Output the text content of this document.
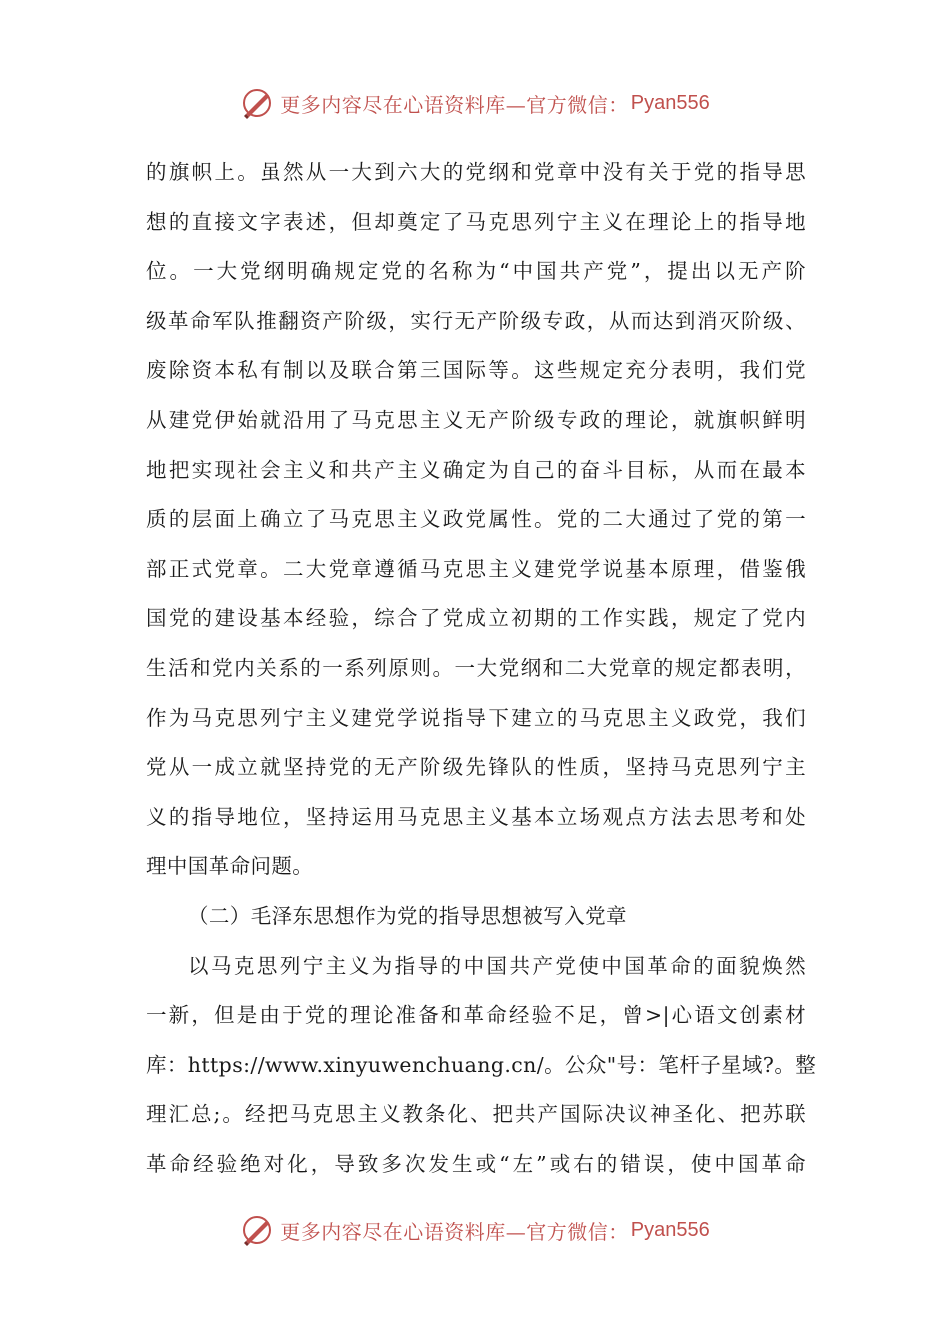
更多内容尽在心语资料库—官方微信： Pyan556
的旗帜上。虽然从一大到六大的党纲和党章中没有关于党的指导思
想的直接文字表述，但却奠定了马克思列宁主义在理论上的指导地
位。一大党纲明确规定党的名称为“中国共产党”，提出以无产阶
级革命军队推翻资产阶级，实行无产阶级专政，从而达到消灭阶级、
废除资本私有制以及联合第三国际等。这些规定充分表明，我们党
从建党伊始就沿用了马克思主义无产阶级专政的理论，就旗帜鲜明
地把实现社会主义和共产主义确定为自己的奋斗目标，从而在最本
质的层面上确立了马克思主义政党属性。党的二大通过了党的第一
部正式党章。二大党章遵循马克思主义建党学说基本原理，借鉴俄
国党的建设基本经验，综合了党成立初期的工作实践，规定了党内
生活和党内关系的一系列原则。一大党纲和二大党章的规定都表明，
作为马克思列宁主义建党学说指导下建立的马克思主义政党，我们
党从一成立就坚持党的无产阶级先锋队的性质，坚持马克思列宁主
义的指导地位，坚持运用马克思主义基本立场观点方法去思考和处
理中国革命问题。
（二）毛泽东思想作为党的指导思想被写入党章
以马克思列宁主义为指导的中国共产党使中国革命的面貌焕然
一新，但是由于党的理论准备和革命经验不足，曾>|心语文创素材
库：https://www.xinyuwenchuang.cn/。公众"号：笔杆子星域?。整
理汇总;。经把马克思主义教条化、把共产国际决议神圣化、把苏联
革命经验绝对化，导致多次发生或“左”或右的错误，使中国革命
更多内容尽在心语资料库—官方微信： Pyan556
